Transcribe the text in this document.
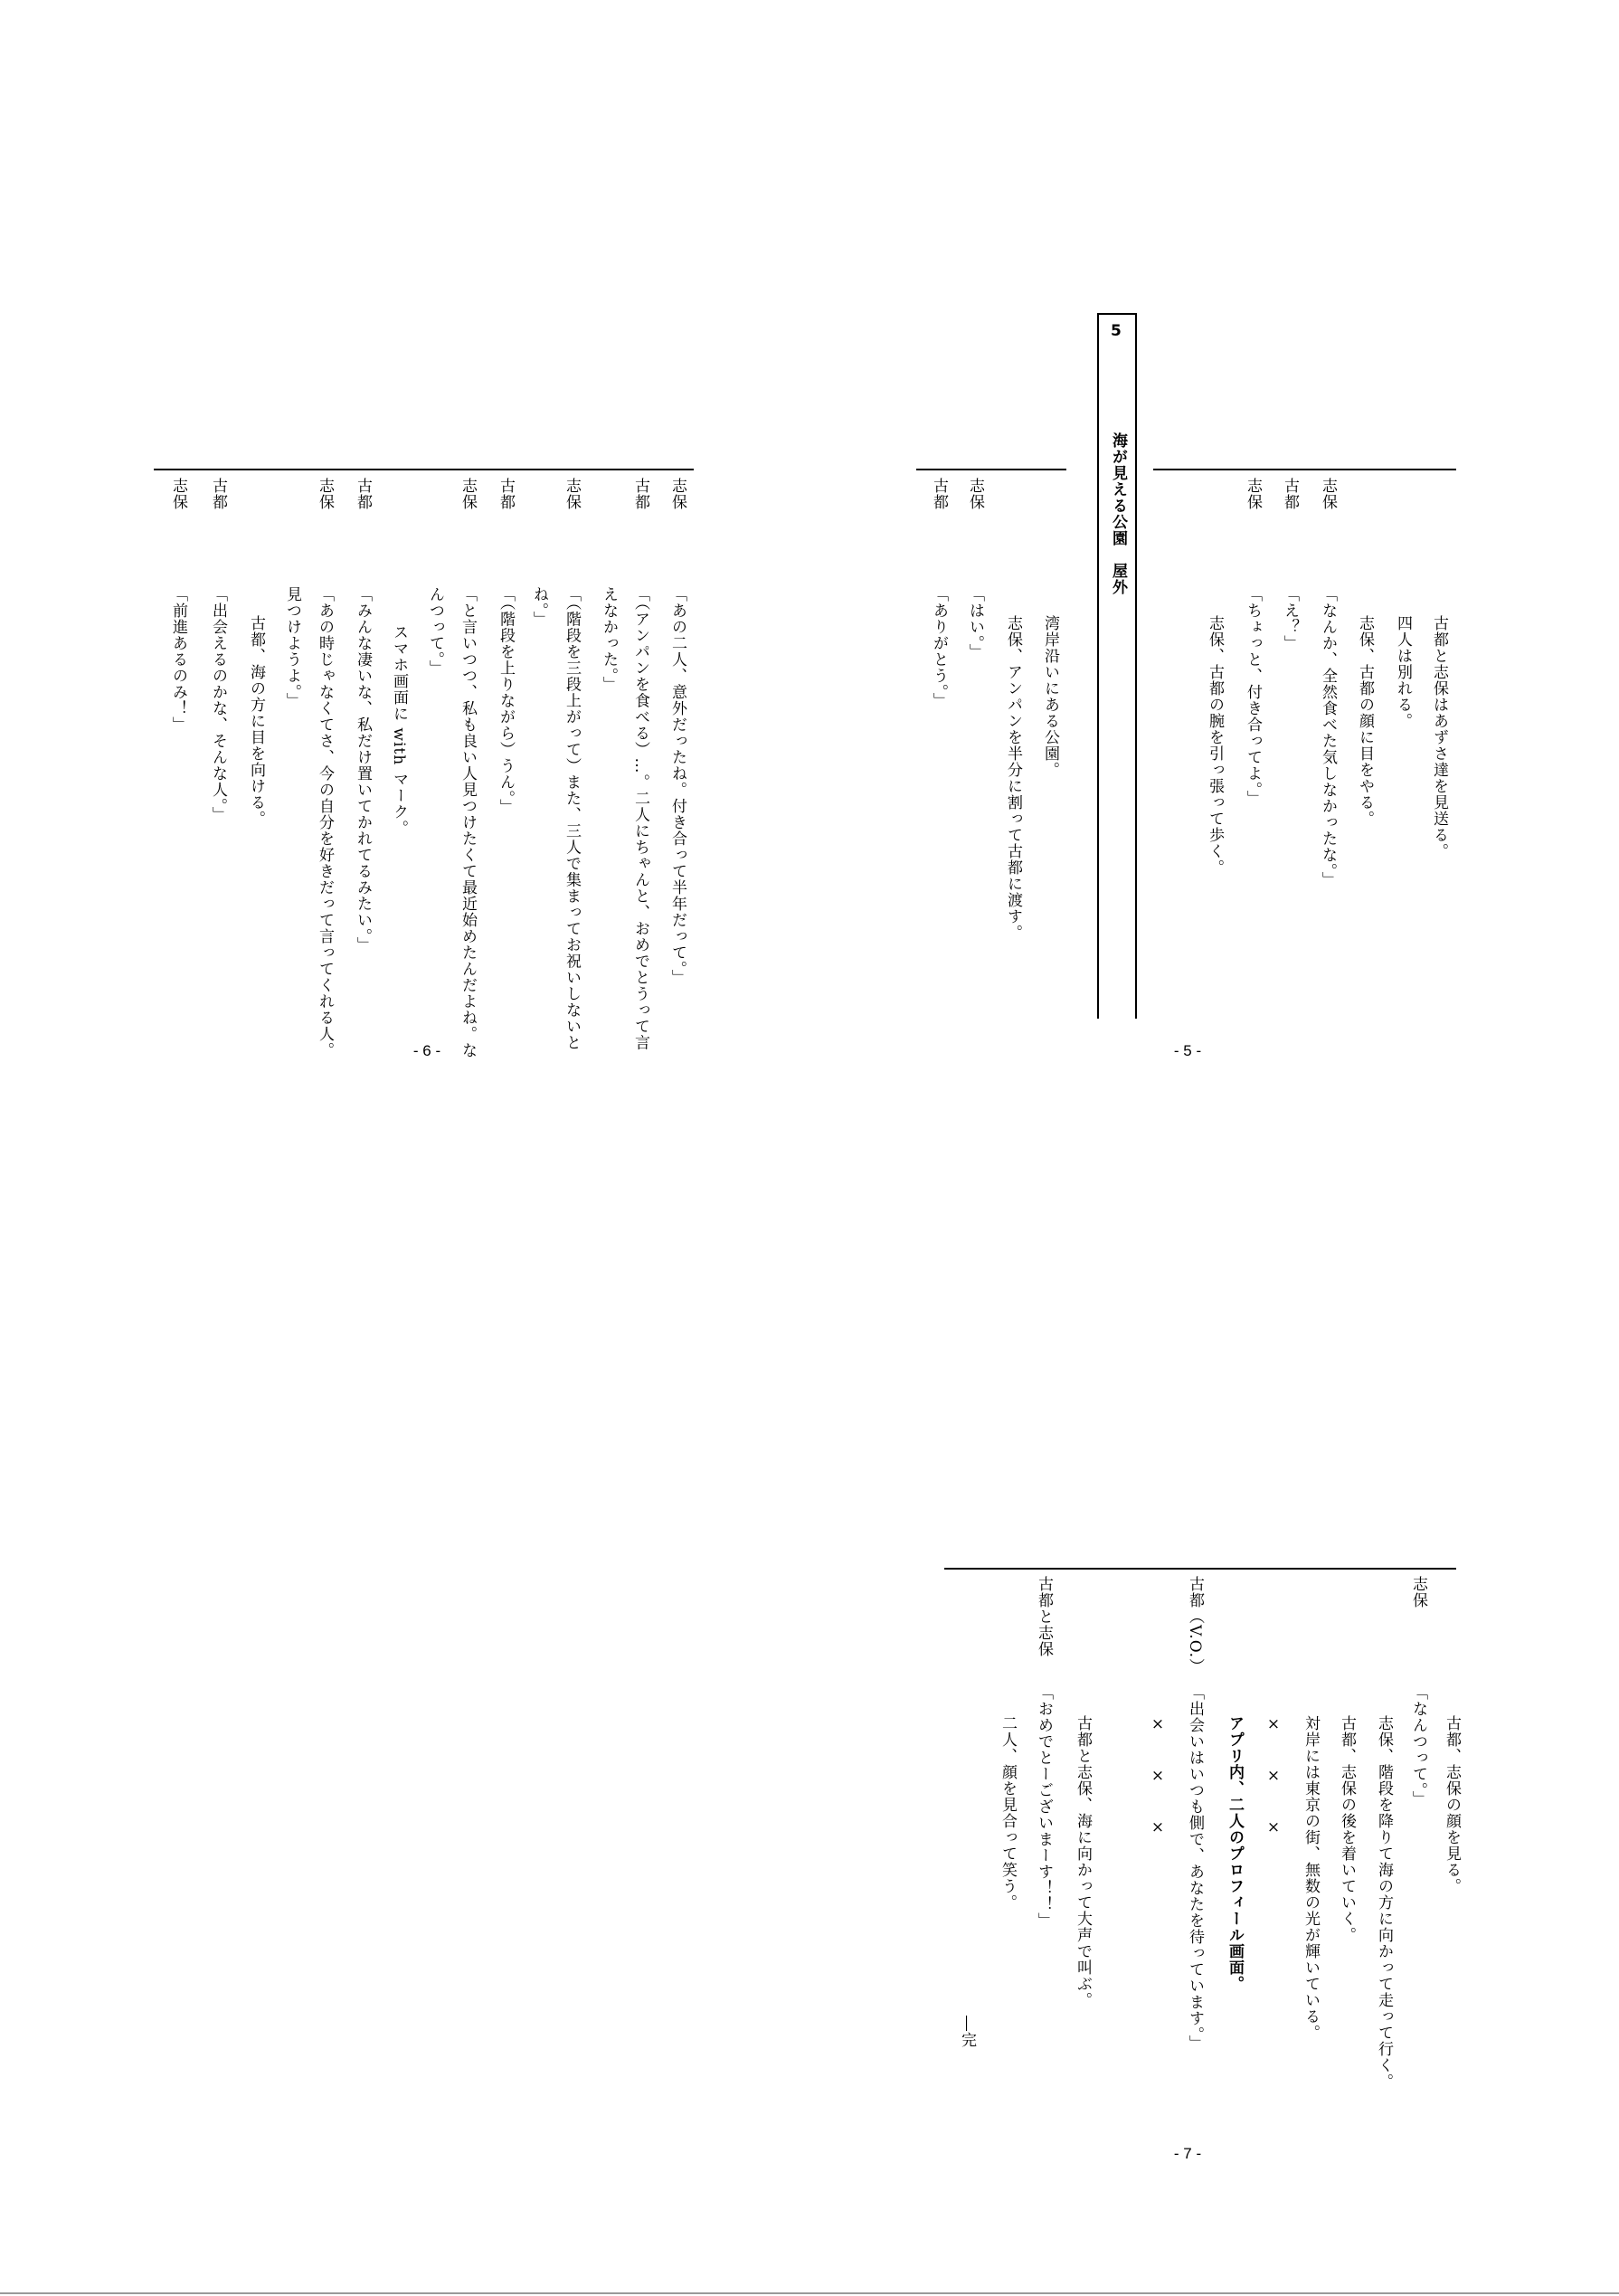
志保
古都
志保
古都
志保
古都
志保
古都
志保
「あの二人、意外だったね。付き合って半年だって。」
「（アンパンを食べる）…。二人にちゃんと、おめでとうって言
えなかった。」
「（階段を三段上がって）また、三人で集まってお祝いしないと
ね。」
「（階段を上りながら）うん。」
「と言いつつ、私も良い人見つけたくて最近始めたんだよね。な
んつって。」
スマホ画面に with マーク。
「みんな凄いな、私だけ置いてかれてるみたい。」
「あの時じゃなくてさ、今の自分を好きだって言ってくれる人。
見つけようよ。」
古都、海の方に目を向ける。
「出会えるのかな、そんな人。」
「前進あるのみ！」
- 6 -
5
海が見える公園　屋外	志保
古都
志保
志保
古都
古都と志保はあずさ達を見送る。
四人は別れる。
志保、古都の顔に目をやる。
「なんか、全然食べた気しなかったな。」
「え？」
「ちょっと、付き合ってよ。」
志保、古都の腕を引っ張って歩く。
湾岸沿いにある公園。
志保、アンパンを半分に割って古都に渡す。
「はい。」
「ありがとう。」
- 5 -
志保
古都（V.O.）
古都と志保
古都、志保の顔を見る。
「なんつって。」
志保、階段を降りて海の方に向かって走って行く。
古都、志保の後を着いていく。
対岸には東京の街、無数の光が輝いている。
×　　×　　×
アプリ内、二人のプロフィール画面。
「出会いはいつも側で、あなたを待っています。」
×　　×　　×
古都と志保、海に向かって大声で叫ぶ。
「おめでとーございまーす！！」
二人、顔を見合って笑う。
―完
- 7 -
